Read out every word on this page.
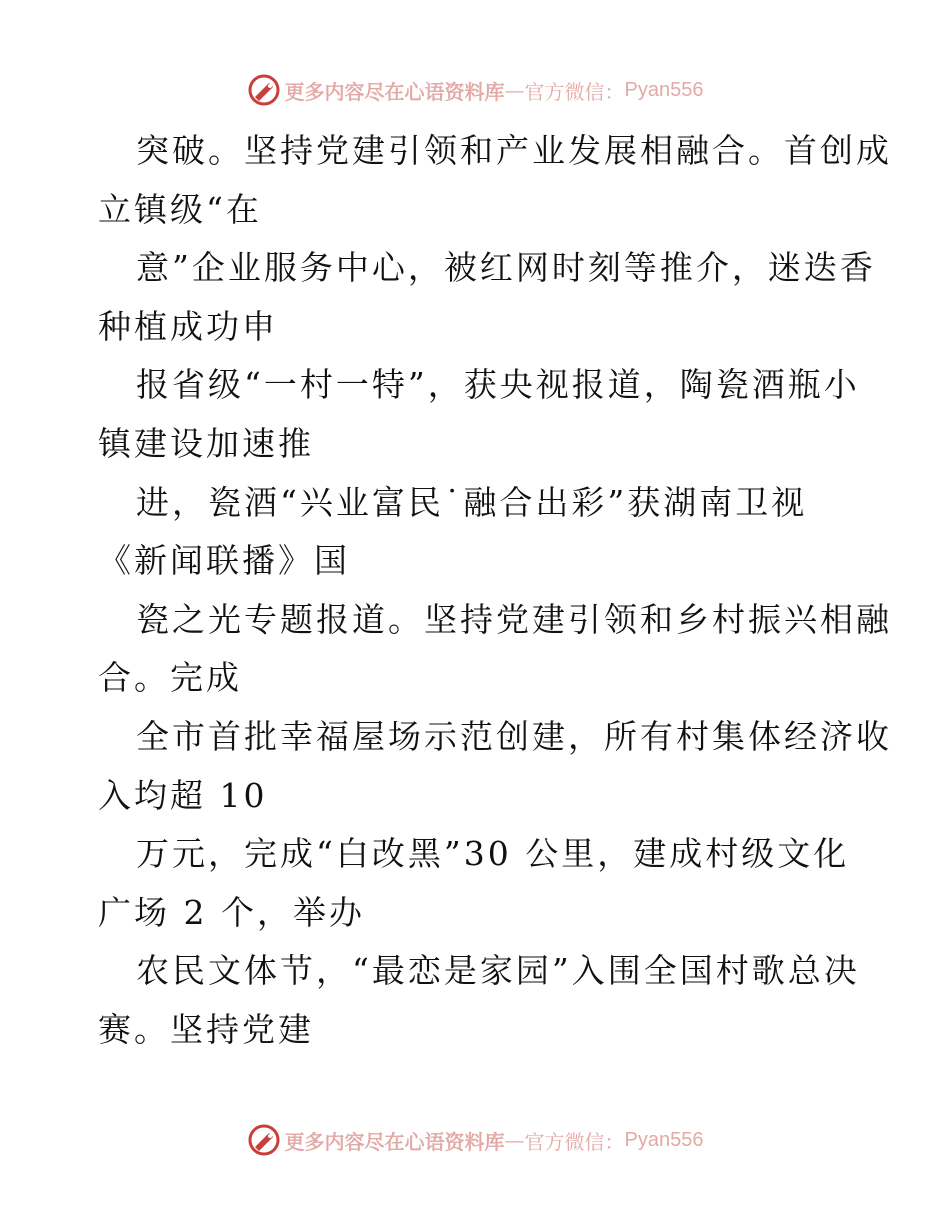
更多内容尽在心语资料库 — 官方微信： Pyan556
突破。坚持党建引领和产业发展相融合。首创成
立镇级“在
意”企业服务中心，被红网时刻等推介，迷迭香
种植成功申
报省级“一村一特”，获央视报道，陶瓷酒瓶小
镇建设加速推
进，瓷酒“兴业富民˙融合出彩”获湖南卫视
《新闻联播》国
瓷之光专题报道。坚持党建引领和乡村振兴相融
合。完成
全市首批幸福屋场示范创建，所有村集体经济收
入均超 10
万元，完成“白改黑”30 公里，建成村级文化
广场 2 个，举办
农民文体节，“最恋是家园”入围全国村歌总决
赛。坚持党建
更多内容尽在心语资料库 — 官方微信： Pyan556
